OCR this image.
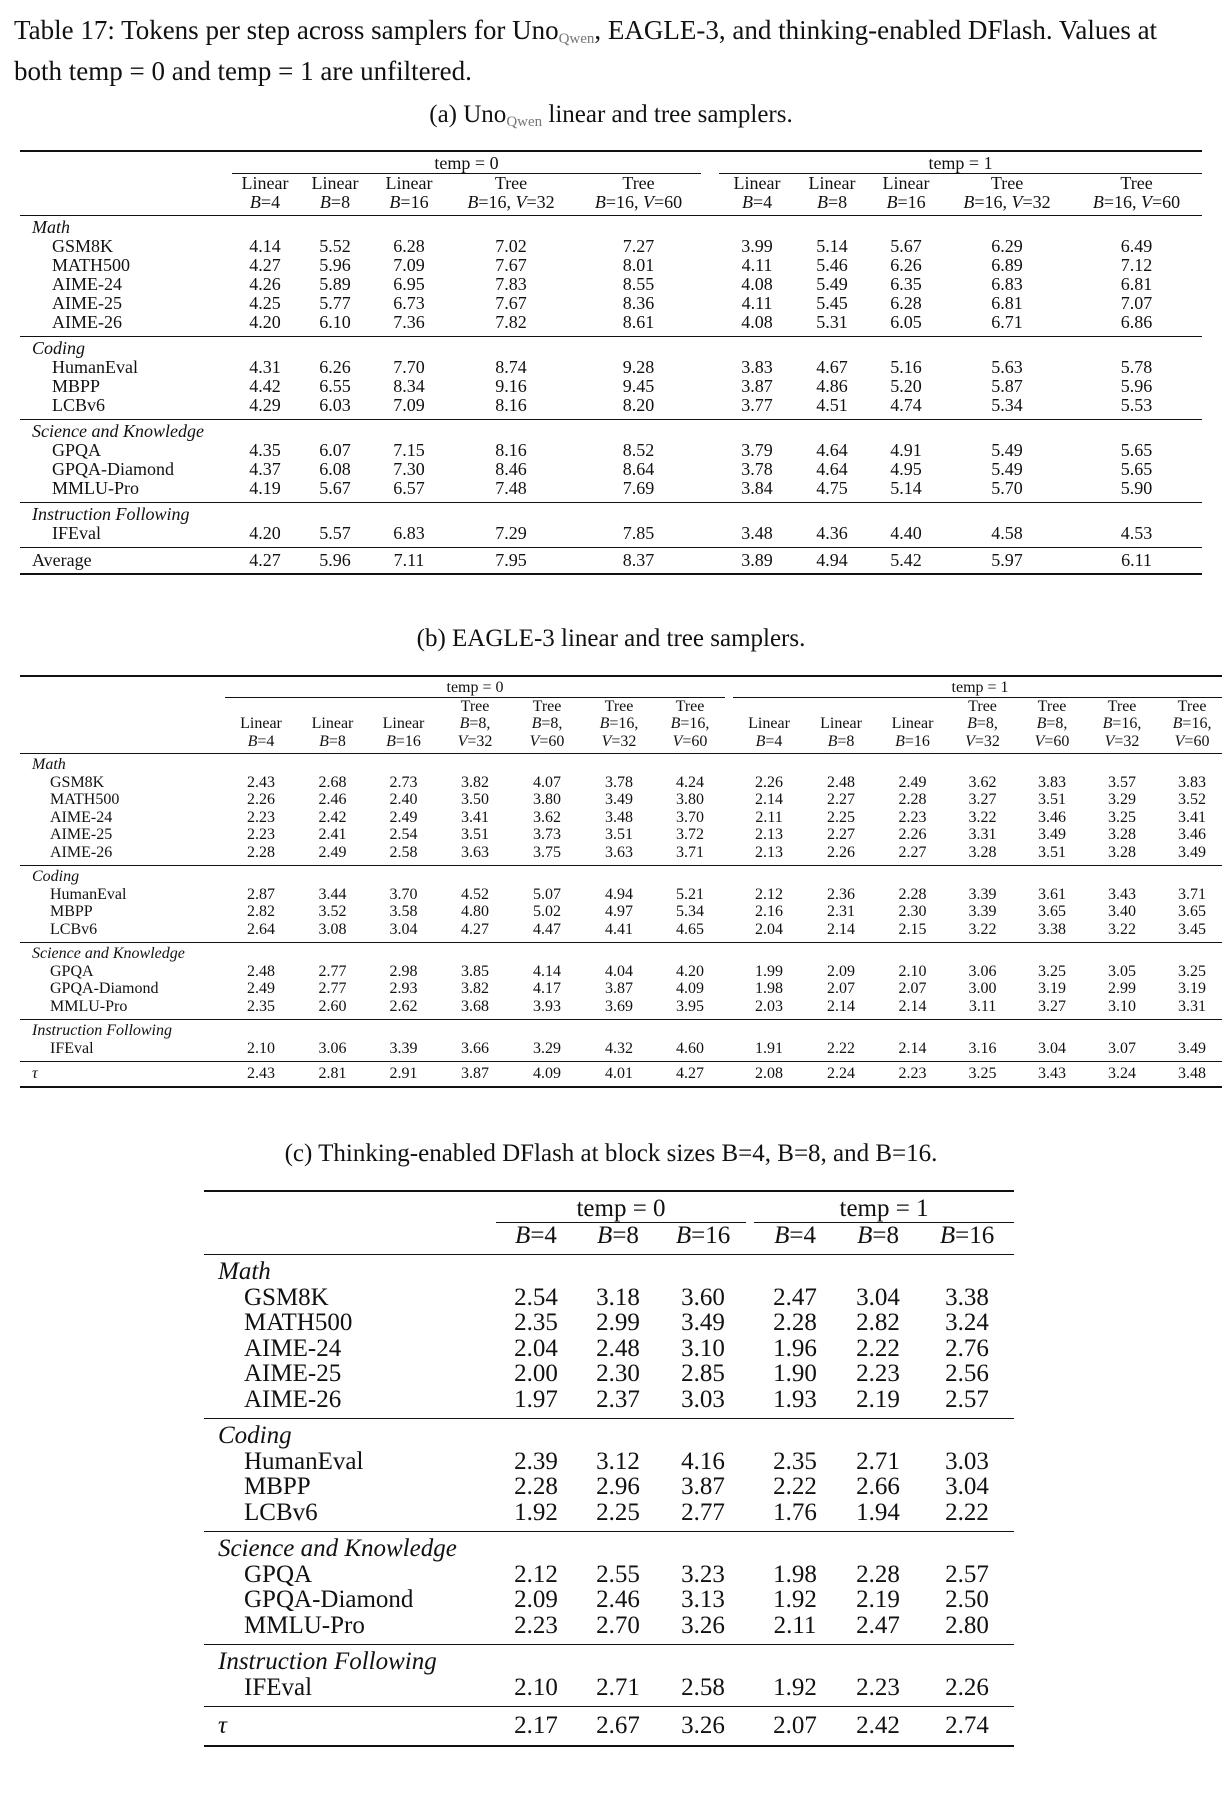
Table 17: Tokens per step across samplers for Uno$_{Qwen}$, EAGLE-3, and thinking-enabled DFlash. Values at both temp = 0 and temp = 1 are unfiltered.
(a) Uno$_{Qwen}$ linear and tree samplers.
	temp = 0						temp = 1				
	Linear	Linear	Linear	Tree	Tree		Linear	Linear	Linear	Tree	Tree
	B=4	B=8	B=16	B=16, V=32	B=16, V=60		B=4	B=8	B=16	B=16, V=32	B=16, V=60
Math											
GSM8K	4.14	5.52	6.28	7.02	7.27		3.99	5.14	5.67	6.29	6.49
MATH500	4.27	5.96	7.09	7.67	8.01		4.11	5.46	6.26	6.89	7.12
AIME-24	4.26	5.89	6.95	7.83	8.55		4.08	5.49	6.35	6.83	6.81
AIME-25	4.25	5.77	6.73	7.67	8.36		4.11	5.45	6.28	6.81	7.07
AIME-26	4.20	6.10	7.36	7.82	8.61		4.08	5.31	6.05	6.71	6.86
Coding											
HumanEval	4.31	6.26	7.70	8.74	9.28		3.83	4.67	5.16	5.63	5.78
MBPP	4.42	6.55	8.34	9.16	9.45		3.87	4.86	5.20	5.87	5.96
LCBv6	4.29	6.03	7.09	8.16	8.20		3.77	4.51	4.74	5.34	5.53
Science and Knowledge											
GPQA	4.35	6.07	7.15	8.16	8.52		3.79	4.64	4.91	5.49	5.65
GPQA-Diamond	4.37	6.08	7.30	8.46	8.64		3.78	4.64	4.95	5.49	5.65
MMLU-Pro	4.19	5.67	6.57	7.48	7.69		3.84	4.75	5.14	5.70	5.90
Instruction Following											
IFEval	4.20	5.57	6.83	7.29	7.85		3.48	4.36	4.40	4.58	4.53
Average	4.27	5.96	7.11	7.95	8.37		3.89	4.94	5.42	5.97	6.11
(b) EAGLE-3 linear and tree samplers.
	temp = 0								temp = 1						
				Tree	Tree	Tree	Tree					Tree	Tree	Tree	Tree
	Linear	Linear	Linear	B=8,	B=8,	B=16,	B=16,		Linear	Linear	Linear	B=8,	B=8,	B=16,	B=16,
	B=4	B=8	B=16	V=32	V=60	V=32	V=60		B=4	B=8	B=16	V=32	V=60	V=32	V=60
Math															
GSM8K	2.43	2.68	2.73	3.82	4.07	3.78	4.24		2.26	2.48	2.49	3.62	3.83	3.57	3.83
MATH500	2.26	2.46	2.40	3.50	3.80	3.49	3.80		2.14	2.27	2.28	3.27	3.51	3.29	3.52
AIME-24	2.23	2.42	2.49	3.41	3.62	3.48	3.70		2.11	2.25	2.23	3.22	3.46	3.25	3.41
AIME-25	2.23	2.41	2.54	3.51	3.73	3.51	3.72		2.13	2.27	2.26	3.31	3.49	3.28	3.46
AIME-26	2.28	2.49	2.58	3.63	3.75	3.63	3.71		2.13	2.26	2.27	3.28	3.51	3.28	3.49
Coding															
HumanEval	2.87	3.44	3.70	4.52	5.07	4.94	5.21		2.12	2.36	2.28	3.39	3.61	3.43	3.71
MBPP	2.82	3.52	3.58	4.80	5.02	4.97	5.34		2.16	2.31	2.30	3.39	3.65	3.40	3.65
LCBv6	2.64	3.08	3.04	4.27	4.47	4.41	4.65		2.04	2.14	2.15	3.22	3.38	3.22	3.45
Science and Knowledge															
GPQA	2.48	2.77	2.98	3.85	4.14	4.04	4.20		1.99	2.09	2.10	3.06	3.25	3.05	3.25
GPQA-Diamond	2.49	2.77	2.93	3.82	4.17	3.87	4.09		1.98	2.07	2.07	3.00	3.19	2.99	3.19
MMLU-Pro	2.35	2.60	2.62	3.68	3.93	3.69	3.95		2.03	2.14	2.14	3.11	3.27	3.10	3.31
Instruction Following															
IFEval	2.10	3.06	3.39	3.66	3.29	4.32	4.60		1.91	2.22	2.14	3.16	3.04	3.07	3.49
τ	2.43	2.81	2.91	3.87	4.09	4.01	4.27		2.08	2.24	2.23	3.25	3.43	3.24	3.48
(c) Thinking-enabled DFlash at block sizes B=4, B=8, and B=16.
	temp = 0				temp = 1		
	B=4	B=8	B=16		B=4	B=8	B=16
Math							
GSM8K	2.54	3.18	3.60		2.47	3.04	3.38
MATH500	2.35	2.99	3.49		2.28	2.82	3.24
AIME-24	2.04	2.48	3.10		1.96	2.22	2.76
AIME-25	2.00	2.30	2.85		1.90	2.23	2.56
AIME-26	1.97	2.37	3.03		1.93	2.19	2.57
Coding							
HumanEval	2.39	3.12	4.16		2.35	2.71	3.03
MBPP	2.28	2.96	3.87		2.22	2.66	3.04
LCBv6	1.92	2.25	2.77		1.76	1.94	2.22
Science and Knowledge							
GPQA	2.12	2.55	3.23		1.98	2.28	2.57
GPQA-Diamond	2.09	2.46	3.13		1.92	2.19	2.50
MMLU-Pro	2.23	2.70	3.26		2.11	2.47	2.80
Instruction Following							
IFEval	2.10	2.71	2.58		1.92	2.23	2.26
τ	2.17	2.67	3.26		2.07	2.42	2.74
